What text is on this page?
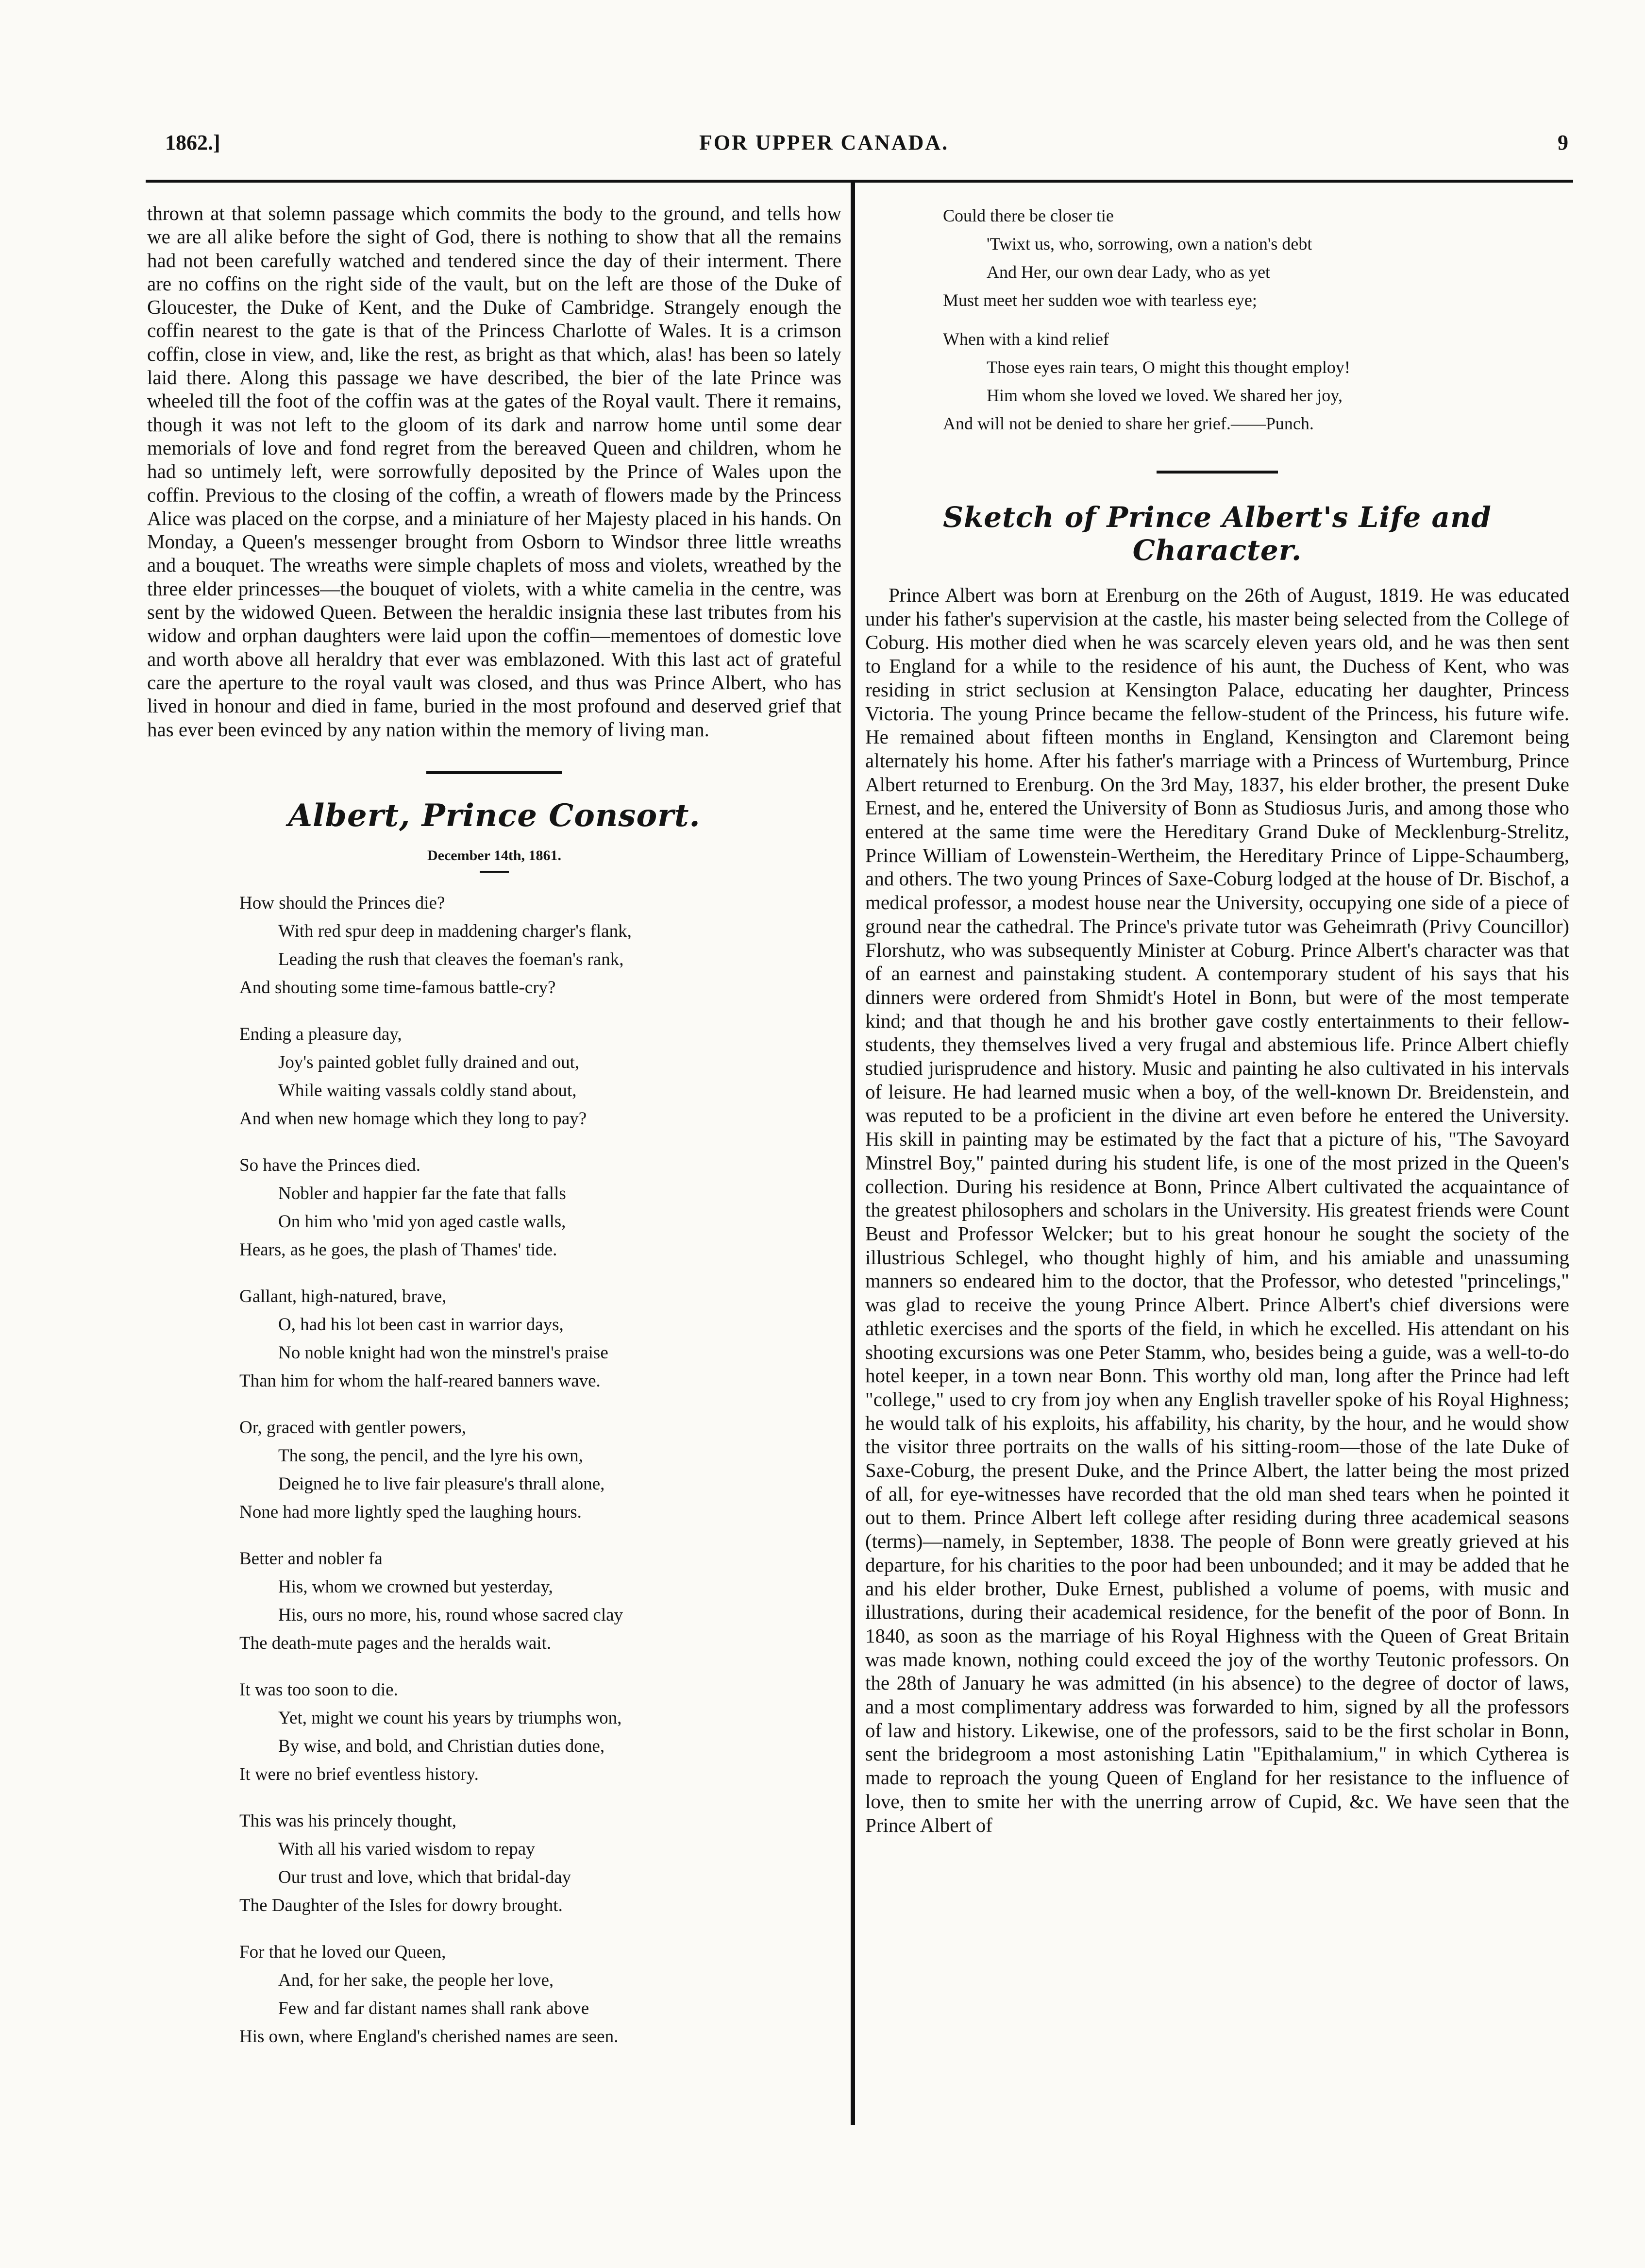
1862.]	FOR UPPER CANADA.	9

thrown at that solemn passage which commits the body to the ground, and tells how we are all alike before the sight of God, there is nothing to show that all the remains had not been carefully watched and tendered since the day of their interment. There are no coffins on the right side of the vault, but on the left are those of the Duke of Gloucester, the Duke of Kent, and the Duke of Cambridge. Strangely enough the coffin nearest to the gate is that of the Princess Charlotte of Wales. It is a crimson coffin, close in view, and, like the rest, as bright as that which, alas! has been so lately laid there. Along this passage we have described, the bier of the late Prince was wheeled till the foot of the coffin was at the gates of the Royal vault. There it remains, though it was not left to the gloom of its dark and narrow home until some dear memorials of love and fond regret from the bereaved Queen and children, whom he had so untimely left, were sorrowfully deposited by the Prince of Wales upon the coffin. Previous to the closing of the coffin, a wreath of flowers made by the Princess Alice was placed on the corpse, and a miniature of her Majesty placed in his hands. On Monday, a Queen's messenger brought from Osborn to Windsor three little wreaths and a bouquet. The wreaths were simple chaplets of moss and violets, wreathed by the three elder princesses—the bouquet of violets, with a white camelia in the centre, was sent by the widowed Queen. Between the heraldic insignia these last tributes from his widow and orphan daughters were laid upon the coffin—mementoes of domestic love and worth above all heraldry that ever was emblazoned. With this last act of grateful care the aperture to the royal vault was closed, and thus was Prince Albert, who has lived in honour and died in fame, buried in the most profound and deserved grief that has ever been evinced by any nation within the memory of living man.

Albert, Prince Consort.
December 14th, 1861.
How should the Princes die?
With red spur deep in maddening charger's flank,
Leading the rush that cleaves the foeman's rank,
And shouting some time-famous battle-cry?
Ending a pleasure day,
Joy's painted goblet fully drained and out,
While waiting vassals coldly stand about,
And when new homage which they long to pay?
So have the Princes died.
Nobler and happier far the fate that falls
On him who 'mid yon aged castle walls,
Hears, as he goes, the plash of Thames' tide.
Gallant, high-natured, brave,
O, had his lot been cast in warrior days,
No noble knight had won the minstrel's praise
Than him for whom the half-reared banners wave.
Or, graced with gentler powers,
The song, the pencil, and the lyre his own,
Deigned he to live fair pleasure's thrall alone,
None had more lightly sped the laughing hours.
Better and nobler fa
His, whom we crowned but yesterday,
His, ours no more, his, round whose sacred clay
The death-mute pages and the heralds wait.
It was too soon to die.
Yet, might we count his years by triumphs won,
By wise, and bold, and Christian duties done,
It were no brief eventless history.
This was his princely thought,
With all his varied wisdom to repay
Our trust and love, which that bridal-day
The Daughter of the Isles for dowry brought.
For that he loved our Queen,
And, for her sake, the people her love,
Few and far distant names shall rank above
His own, where England's cherished names are seen.
Could there be closer tie
'Twixt us, who, sorrowing, own a nation's debt
And Her, our own dear Lady, who as yet
Must meet her sudden woe with tearless eye;
When with a kind relief
Those eyes rain tears, O might this thought employ!
Him whom she loved we loved. We shared her joy,
And will not be denied to share her grief.——Punch.
Sketch of Prince Albert's Life and Character.

Prince Albert was born at Erenburg on the 26th of August, 1819. He was educated under his father's supervision at the castle, his master being selected from the College of Coburg. His mother died when he was scarcely eleven years old, and he was then sent to England for a while to the residence of his aunt, the Duchess of Kent, who was residing in strict seclusion at Kensington Palace, educating her daughter, Princess Victoria. The young Prince became the fellow-student of the Princess, his future wife. He remained about fifteen months in England, Kensington and Claremont being alternately his home. After his father's marriage with a Princess of Wurtemburg, Prince Albert returned to Erenburg. On the 3rd May, 1837, his elder brother, the present Duke Ernest, and he, entered the University of Bonn as Studiosus Juris, and among those who entered at the same time were the Hereditary Grand Duke of Mecklenburg-Strelitz, Prince William of Lowenstein-Wertheim, the Hereditary Prince of Lippe-Schaumberg, and others. The two young Princes of Saxe-Coburg lodged at the house of Dr. Bischof, a medical professor, a modest house near the University, occupying one side of a piece of ground near the cathedral. The Prince's private tutor was Geheimrath (Privy Councillor) Florshutz, who was subsequently Minister at Coburg. Prince Albert's character was that of an earnest and painstaking student. A contemporary student of his says that his dinners were ordered from Shmidt's Hotel in Bonn, but were of the most temperate kind; and that though he and his brother gave costly entertainments to their fellow-students, they themselves lived a very frugal and abstemious life. Prince Albert chiefly studied jurisprudence and history. Music and painting he also cultivated in his intervals of leisure. He had learned music when a boy, of the well-known Dr. Breidenstein, and was reputed to be a proficient in the divine art even before he entered the University. His skill in painting may be estimated by the fact that a picture of his, "The Savoyard Minstrel Boy," painted during his student life, is one of the most prized in the Queen's collection. During his residence at Bonn, Prince Albert cultivated the acquaintance of the greatest philosophers and scholars in the University. His greatest friends were Count Beust and Professor Welcker; but to his great honour he sought the society of the illustrious Schlegel, who thought highly of him, and his amiable and unassuming manners so endeared him to the doctor, that the Professor, who detested "princelings," was glad to receive the young Prince Albert. Prince Albert's chief diversions were athletic exercises and the sports of the field, in which he excelled. His attendant on his shooting excursions was one Peter Stamm, who, besides being a guide, was a well-to-do hotel keeper, in a town near Bonn. This worthy old man, long after the Prince had left "college," used to cry from joy when any English traveller spoke of his Royal Highness; he would talk of his exploits, his affability, his charity, by the hour, and he would show the visitor three portraits on the walls of his sitting-room—those of the late Duke of Saxe-Coburg, the present Duke, and the Prince Albert, the latter being the most prized of all, for eye-witnesses have recorded that the old man shed tears when he pointed it out to them. Prince Albert left college after residing during three academical seasons (terms)—namely, in September, 1838. The people of Bonn were greatly grieved at his departure, for his charities to the poor had been unbounded; and it may be added that he and his elder brother, Duke Ernest, published a volume of poems, with music and illustrations, during their academical residence, for the benefit of the poor of Bonn. In 1840, as soon as the marriage of his Royal Highness with the Queen of Great Britain was made known, nothing could exceed the joy of the worthy Teutonic professors. On the 28th of January he was admitted (in his absence) to the degree of doctor of laws, and a most complimentary address was forwarded to him, signed by all the professors of law and history. Likewise, one of the professors, said to be the first scholar in Bonn, sent the bridegroom a most astonishing Latin "Epithalamium," in which Cytherea is made to reproach the young Queen of England for her resistance to the influence of love, then to smite her with the unerring arrow of Cupid, &c. We have seen that the Prince Albert of
